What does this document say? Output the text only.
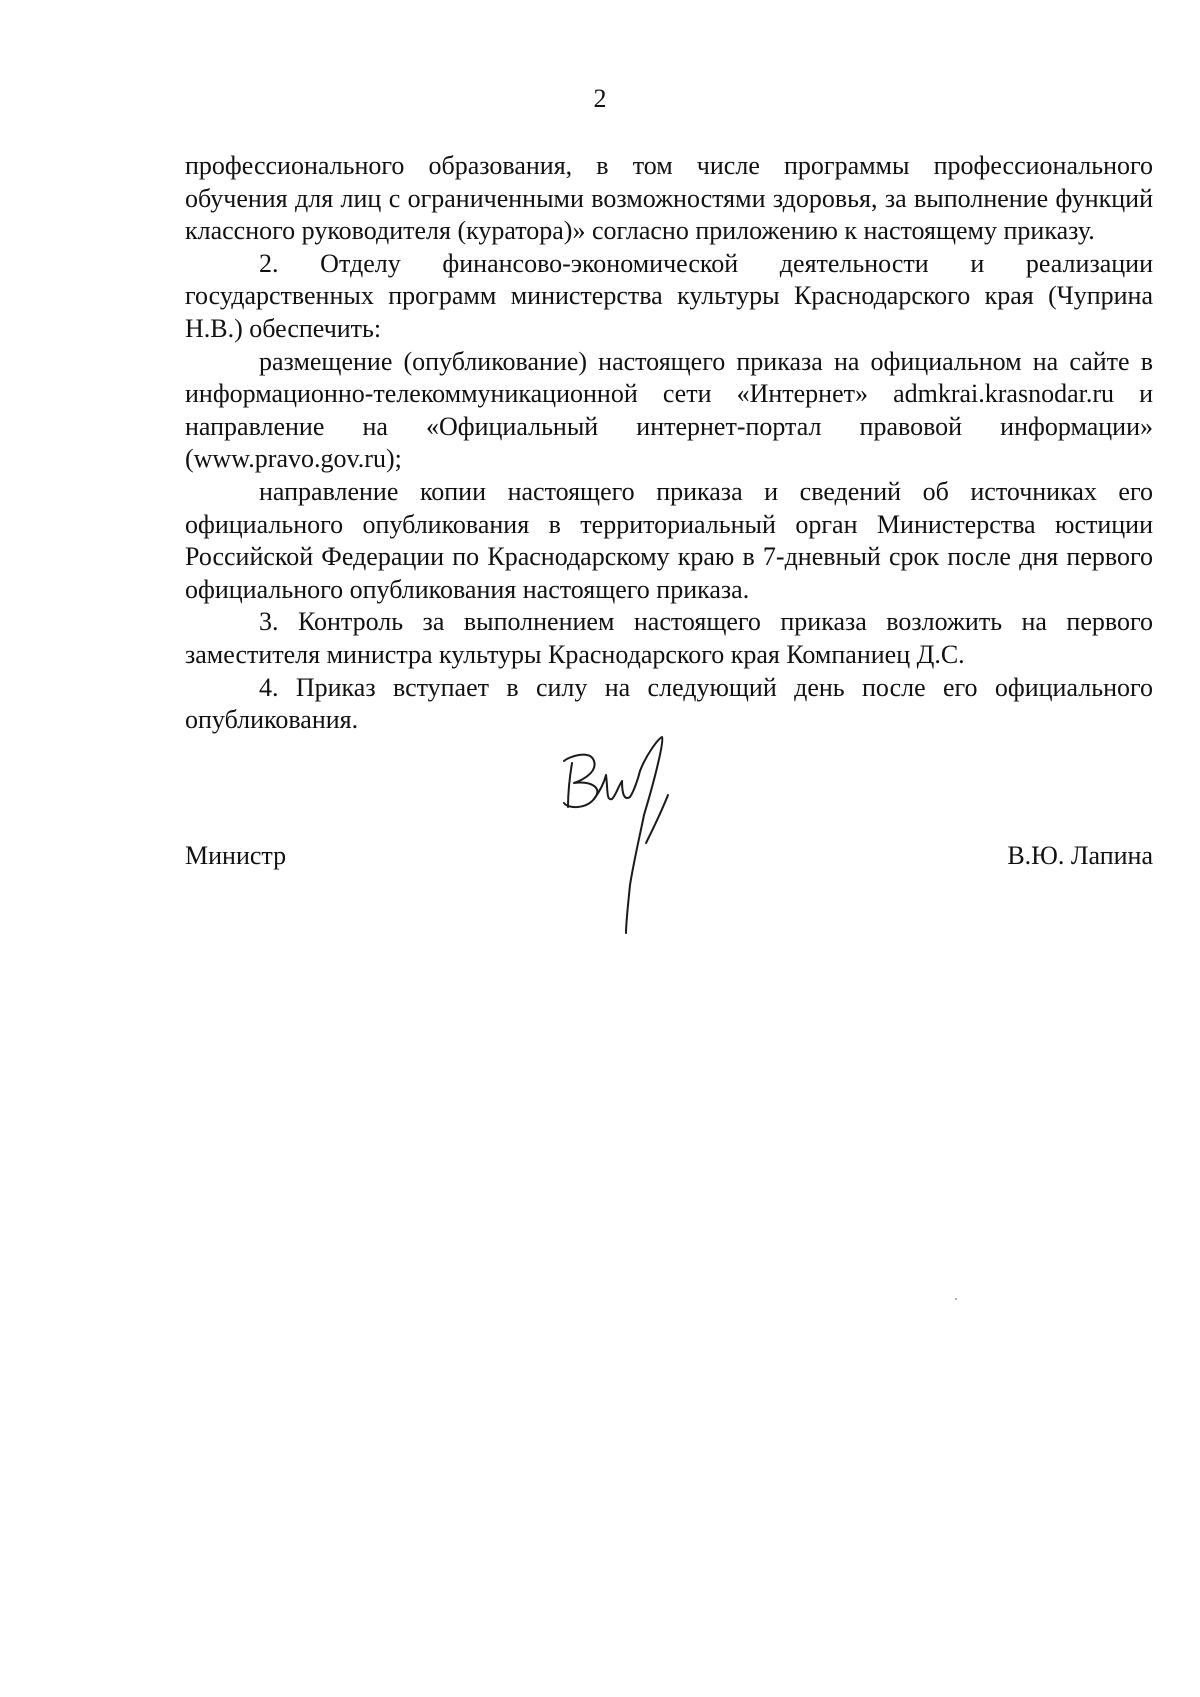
2

профессионального образования, в том числе программы профессионального обучения для лиц с ограниченными возможностями здоровья, за выполнение функций классного руководителя (куратора)» согласно приложению к настоящему приказу.

2. Отделу финансово-экономической деятельности и реализации государственных программ министерства культуры Краснодарского края (Чуприна Н.В.) обеспечить:

размещение (опубликование) настоящего приказа на официальном на сайте в информационно-телекоммуникационной сети «Интернет» admkrai.krasnodar.ru и направление на «Официальный интернет-портал правовой информации» (www.pravo.gov.ru);

направление копии настоящего приказа и сведений об источниках его официального опубликования в территориальный орган Министерства юстиции Российской Федерации по Краснодарскому краю в 7-дневный срок после дня первого официального опубликования настоящего приказа.

3. Контроль за выполнением настоящего приказа возложить на первого заместителя министра культуры Краснодарского края Компаниец Д.С.

4. Приказ вступает в силу на следующий день после его официального опубликования.

Министр	В.Ю. Лапина
